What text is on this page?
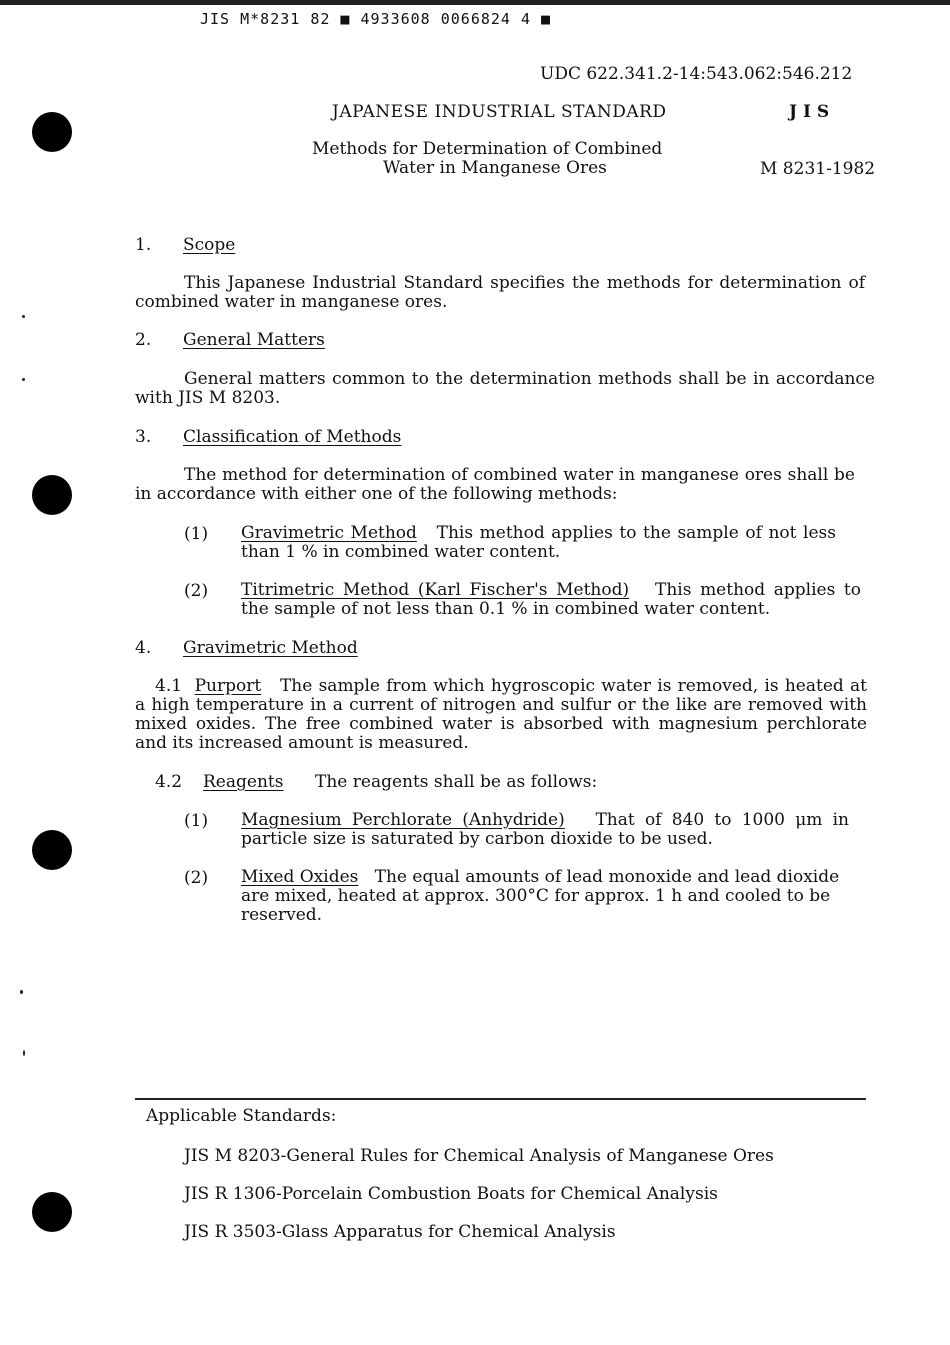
JIS M*8231 82 ■ 4933608 0066824 4 ■
UDC 622.341.2-14:543.062:546.212
JAPANESE INDUSTRIAL STANDARD	J I S
Methods for Determination of Combined
Water in Manganese Ores	M 8231-1982
1. Scope
This Japanese Industrial Standard specifies the methods for determination of combined water in manganese ores.
2. General Matters
General matters common to the determination methods shall be in accordance with JIS M 8203.
3. Classification of Methods
The method for determination of combined water in manganese ores shall be in accordance with either one of the following methods:
(1) Gravimetric Method This method applies to the sample of not less than 1 % in combined water content.
(2) Titrimetric Method (Karl Fischer's Method) This method applies to the sample of not less than 0.1 % in combined water content.
4. Gravimetric Method
4.1 Purport The sample from which hygroscopic water is removed, is heated at a high temperature in a current of nitrogen and sulfur or the like are removed with mixed oxides. The free combined water is absorbed with magnesium perchlorate and its increased amount is measured.
4.2 Reagents The reagents shall be as follows:
(1) Magnesium Perchlorate (Anhydride) That of 840 to 1000 μm in particle size is saturated by carbon dioxide to be used.
(2) Mixed Oxides The equal amounts of lead monoxide and lead dioxide are mixed, heated at approx. 300°C for approx. 1 h and cooled to be reserved.
Applicable Standards:
JIS M 8203-General Rules for Chemical Analysis of Manganese Ores
JIS R 1306-Porcelain Combustion Boats for Chemical Analysis
JIS R 3503-Glass Apparatus for Chemical Analysis
